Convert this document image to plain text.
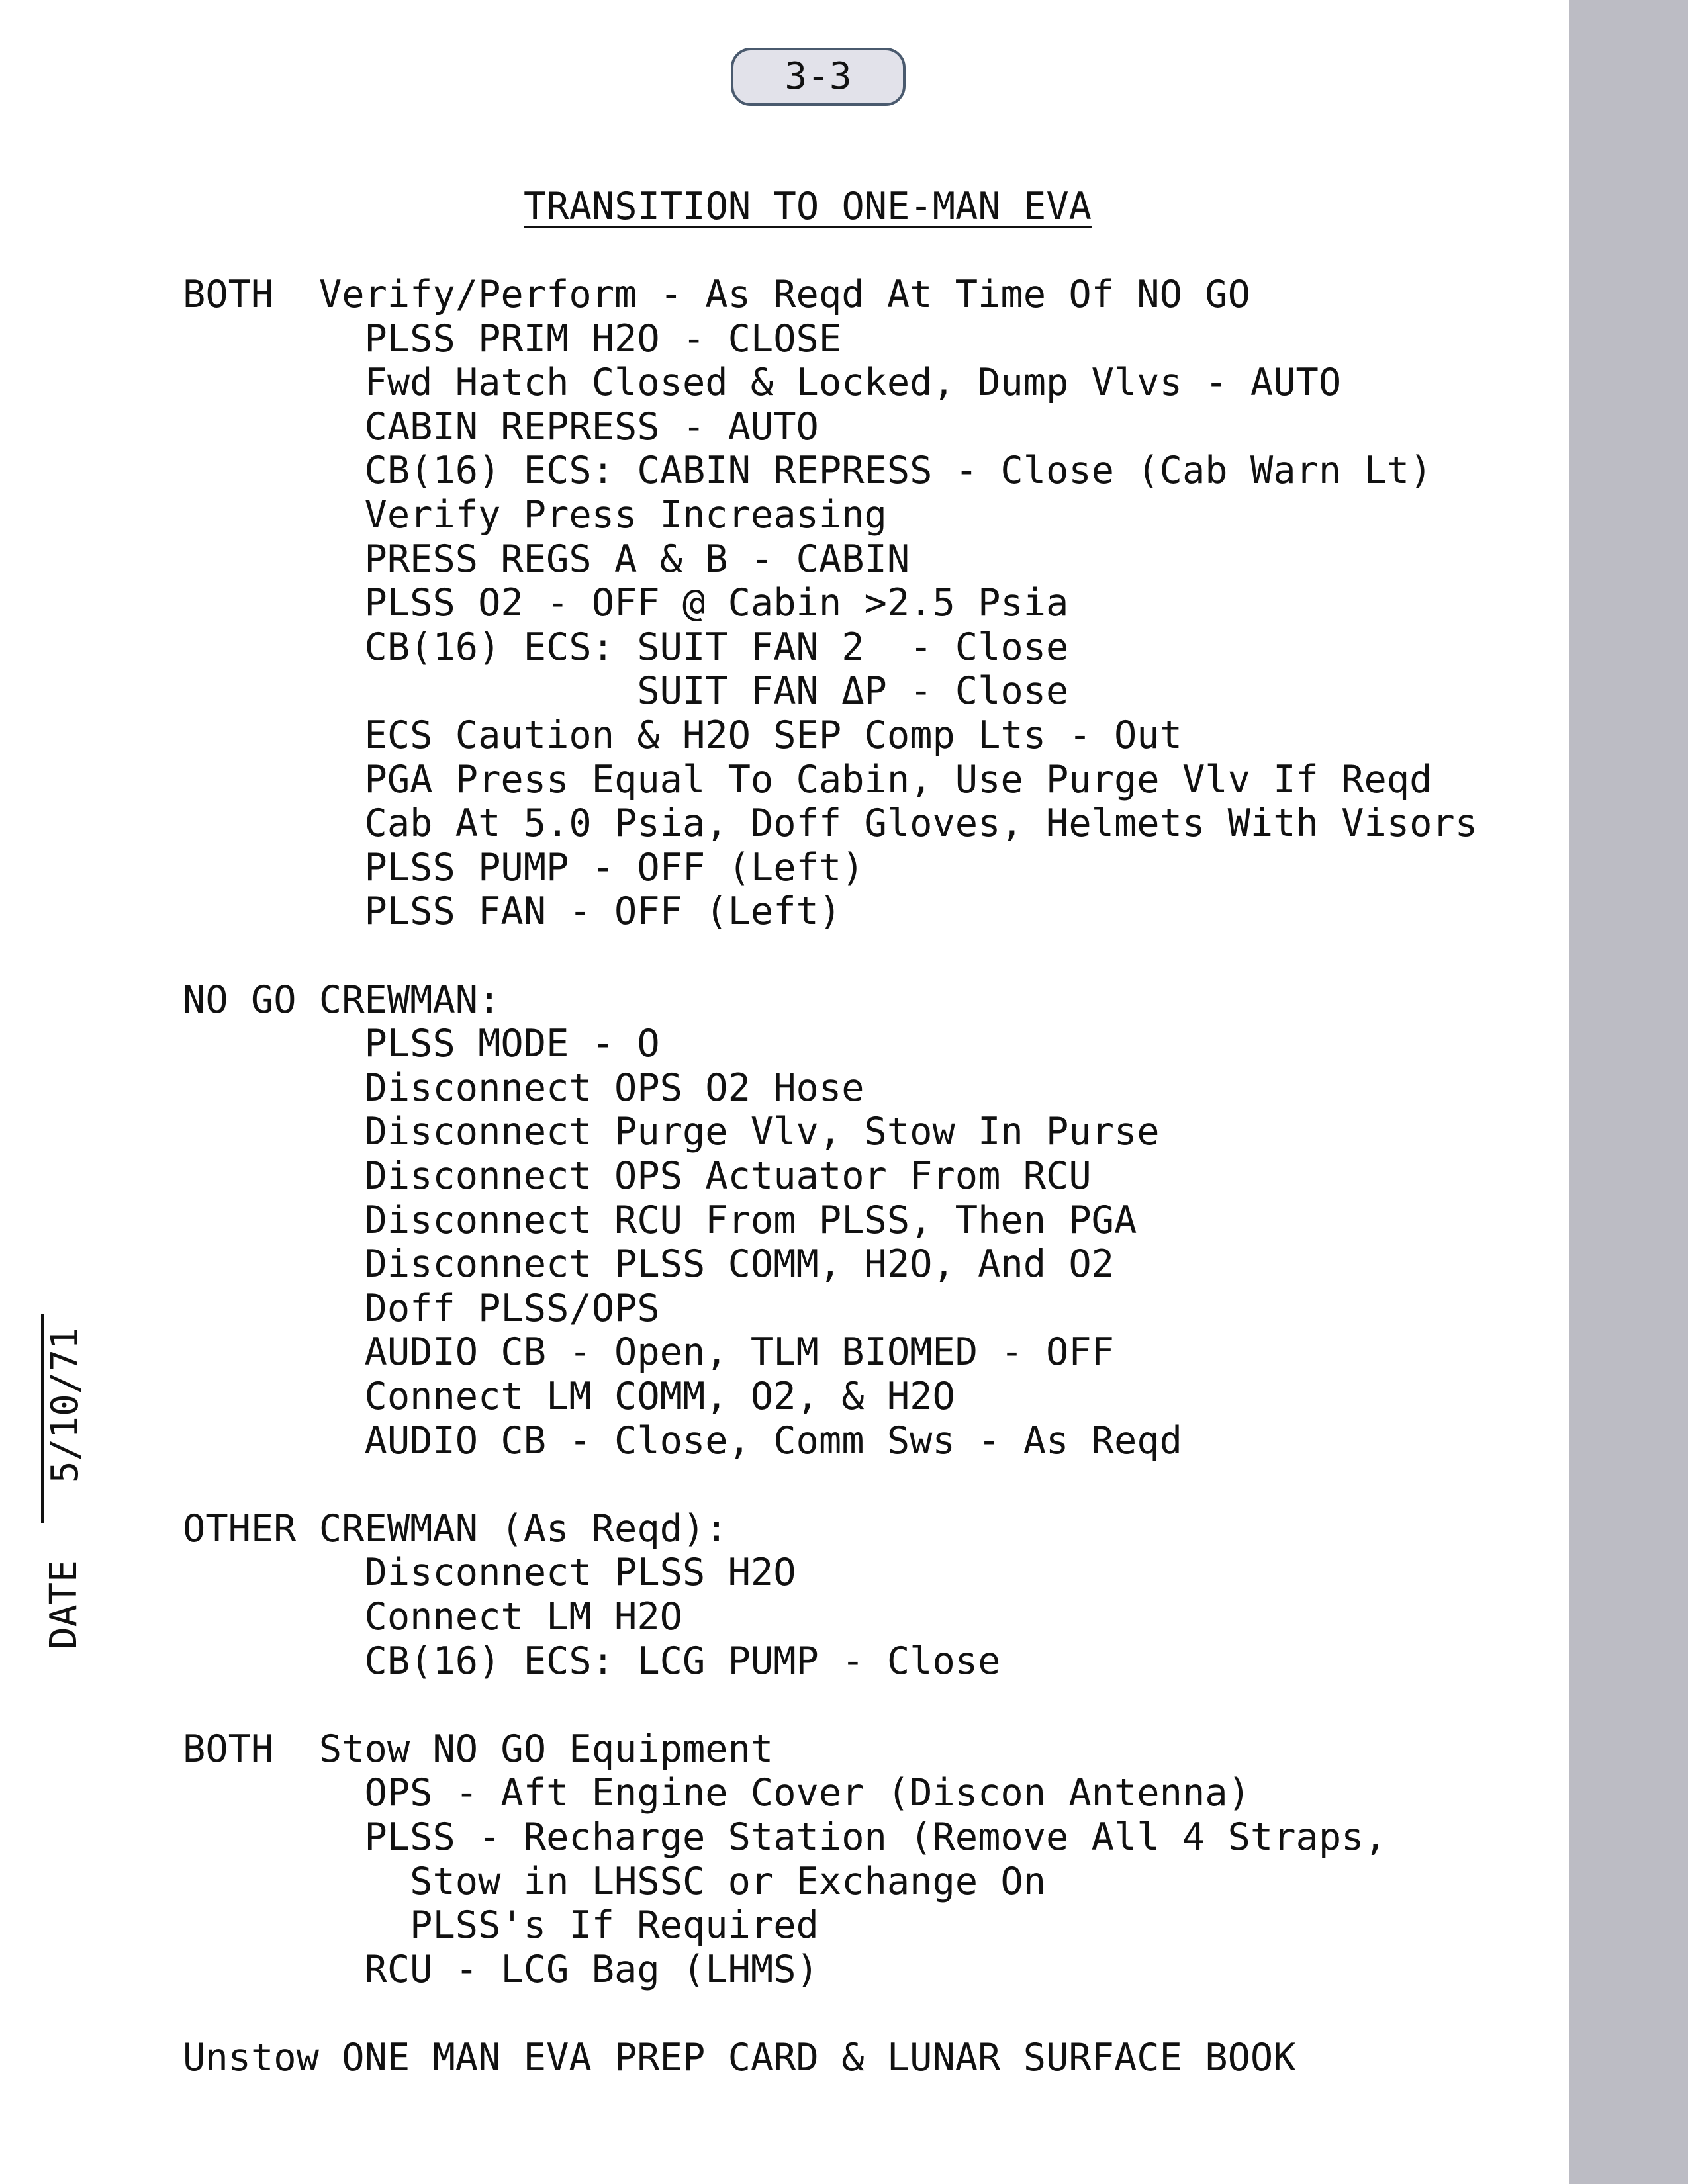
3-3
TRANSITION TO ONE-MAN EVA
BOTH  Verify/Perform - As Reqd At Time Of NO GO
PLSS PRIM H2O - CLOSE
Fwd Hatch Closed & Locked, Dump Vlvs - AUTO
CABIN REPRESS - AUTO
CB(16) ECS: CABIN REPRESS - Close (Cab Warn Lt)
Verify Press Increasing
PRESS REGS A & B - CABIN
PLSS O2 - OFF @ Cabin >2.5 Psia
CB(16) ECS: SUIT FAN 2  - Close
SUIT FAN ΔP - Close
ECS Caution & H2O SEP Comp Lts - Out
PGA Press Equal To Cabin, Use Purge Vlv If Reqd
Cab At 5.0 Psia, Doff Gloves, Helmets With Visors
PLSS PUMP - OFF (Left)
PLSS FAN - OFF (Left)
NO GO CREWMAN:
PLSS MODE - O
Disconnect OPS O2 Hose
Disconnect Purge Vlv, Stow In Purse
Disconnect OPS Actuator From RCU
Disconnect RCU From PLSS, Then PGA
Disconnect PLSS COMM, H2O, And O2
Doff PLSS/OPS
AUDIO CB - Open, TLM BIOMED - OFF
Connect LM COMM, O2, & H2O
AUDIO CB - Close, Comm Sws - As Reqd
OTHER CREWMAN (As Reqd):
Disconnect PLSS H2O
Connect LM H2O
CB(16) ECS: LCG PUMP - Close
BOTH  Stow NO GO Equipment
OPS - Aft Engine Cover (Discon Antenna)
PLSS - Recharge Station (Remove All 4 Straps,
Stow in LHSSC or Exchange On
PLSS's If Required
RCU - LCG Bag (LHMS)
Unstow ONE MAN EVA PREP CARD & LUNAR SURFACE BOOK
DATE
5/10/71
